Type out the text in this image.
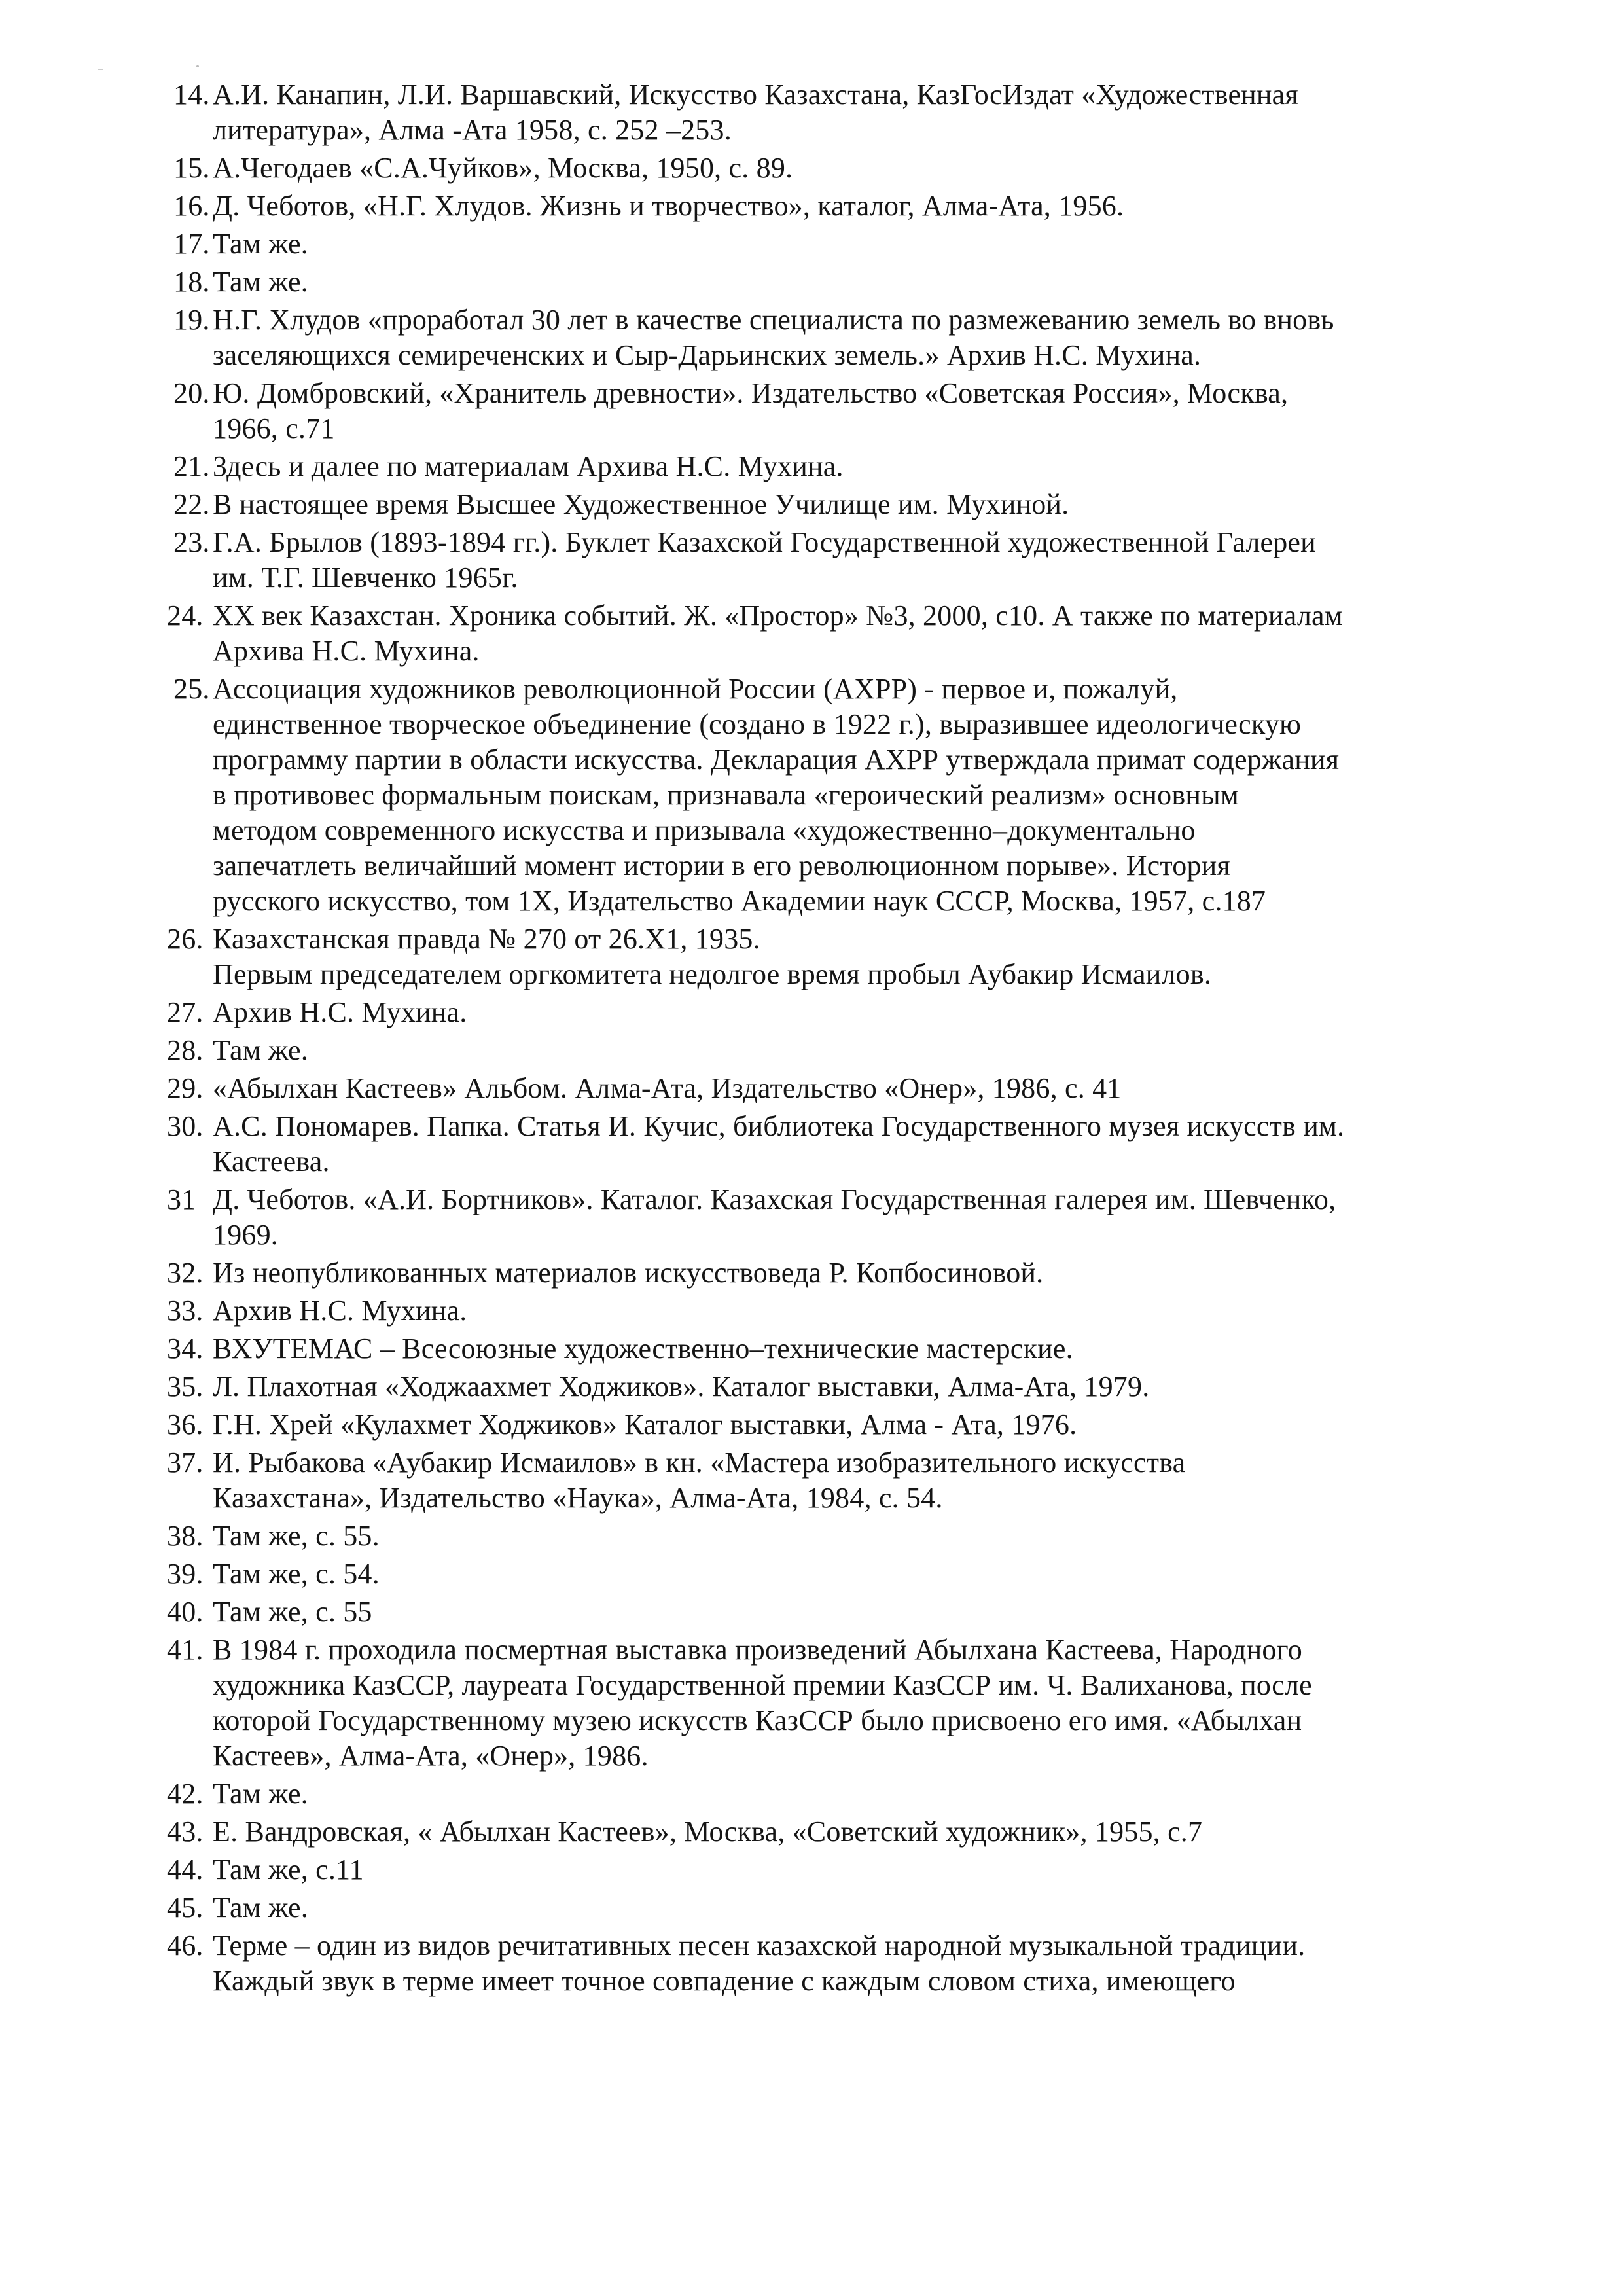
14. А.И. Канапин, Л.И. Варшавский, Искусство Казахстана, КазГосИздат «Художественная
литература», Алма -Ата 1958, с. 252 –253.
15. А.Чегодаев «С.А.Чуйков», Москва, 1950, с. 89.
16. Д. Чеботов, «Н.Г. Хлудов. Жизнь и творчество», каталог, Алма-Ата, 1956.
17. Там же.
18. Там же.
19. Н.Г. Хлудов «проработал 30 лет в качестве специалиста по размежеванию земель во вновь
заселяющихся семиреченских и Сыр-Дарьинских земель.» Архив Н.С. Мухина.
20. Ю. Домбровский, «Хранитель древности». Издательство «Советская Россия», Москва,
1966, с.71
21. Здесь и далее по материалам Архива Н.С. Мухина.
22. В настоящее время Высшее Художественное Училище им. Мухиной.
23. Г.А. Брылов (1893-1894 гг.). Буклет Казахской Государственной художественной Галереи
им. Т.Г. Шевченко 1965г.
24. XX век Казахстан. Хроника событий. Ж. «Простор» №3, 2000, с10. А также по материалам
Архива Н.С. Мухина.
25. Ассоциация художников революционной России (АХРР) - первое и, пожалуй,
единственное творческое объединение (создано в 1922 г.), выразившее идеологическую
программу партии в области искусства. Декларация АХРР утверждала примат содержания
в противовес формальным поискам, признавала «героический реализм» основным
методом современного искусства и призывала «художественно–документально
запечатлеть величайший момент истории в его революционном порыве». История
русского искусство, том 1X, Издательство Академии наук СССР, Москва, 1957, с.187
26. Казахстанская правда № 270 от 26.X1, 1935.
Первым председателем оргкомитета недолгое время пробыл Аубакир Исмаилов.
27. Архив Н.С. Мухина.
28. Там же.
29. «Абылхан Кастеев» Альбом. Алма-Ата, Издательство «Онер», 1986, с. 41
30. А.С. Пономарев. Папка. Статья И. Кучис, библиотека Государственного музея искусств им.
Кастеева.
31 Д. Чеботов. «А.И. Бортников». Каталог. Казахская Государственная галерея им. Шевченко,
1969.
32. Из неопубликованных материалов искусствоведа Р. Копбосиновой.
33. Архив Н.С. Мухина.
34. ВХУТЕМАС – Всесоюзные художественно–технические мастерские.
35. Л. Плахотная «Ходжаахмет Ходжиков». Каталог выставки, Алма-Ата, 1979.
36. Г.Н. Хрей «Кулахмет Ходжиков» Каталог выставки, Алма - Ата, 1976.
37. И. Рыбакова «Аубакир Исмаилов» в кн. «Мастера изобразительного искусства
Казахстана», Издательство «Наука», Алма-Ата, 1984, с. 54.
38. Там же, с. 55.
39. Там же, с. 54.
40. Там же, с. 55
41. В 1984 г. проходила посмертная выставка произведений Абылхана Кастеева, Народного
художника КазССР, лауреата Государственной премии КазССР им. Ч. Валиханова, после
которой Государственному музею искусств КазССР было присвоено его имя. «Абылхан
Кастеев», Алма-Ата, «Онер», 1986.
42. Там же.
43. Е. Вандровская, « Абылхан Кастеев», Москва, «Советский художник», 1955, с.7
44. Там же, с.11
45. Там же.
46. Терме – один из видов речитативных песен казахской народной музыкальной традиции.
Каждый звук в терме имеет точное совпадение с каждым словом стиха, имеющего
